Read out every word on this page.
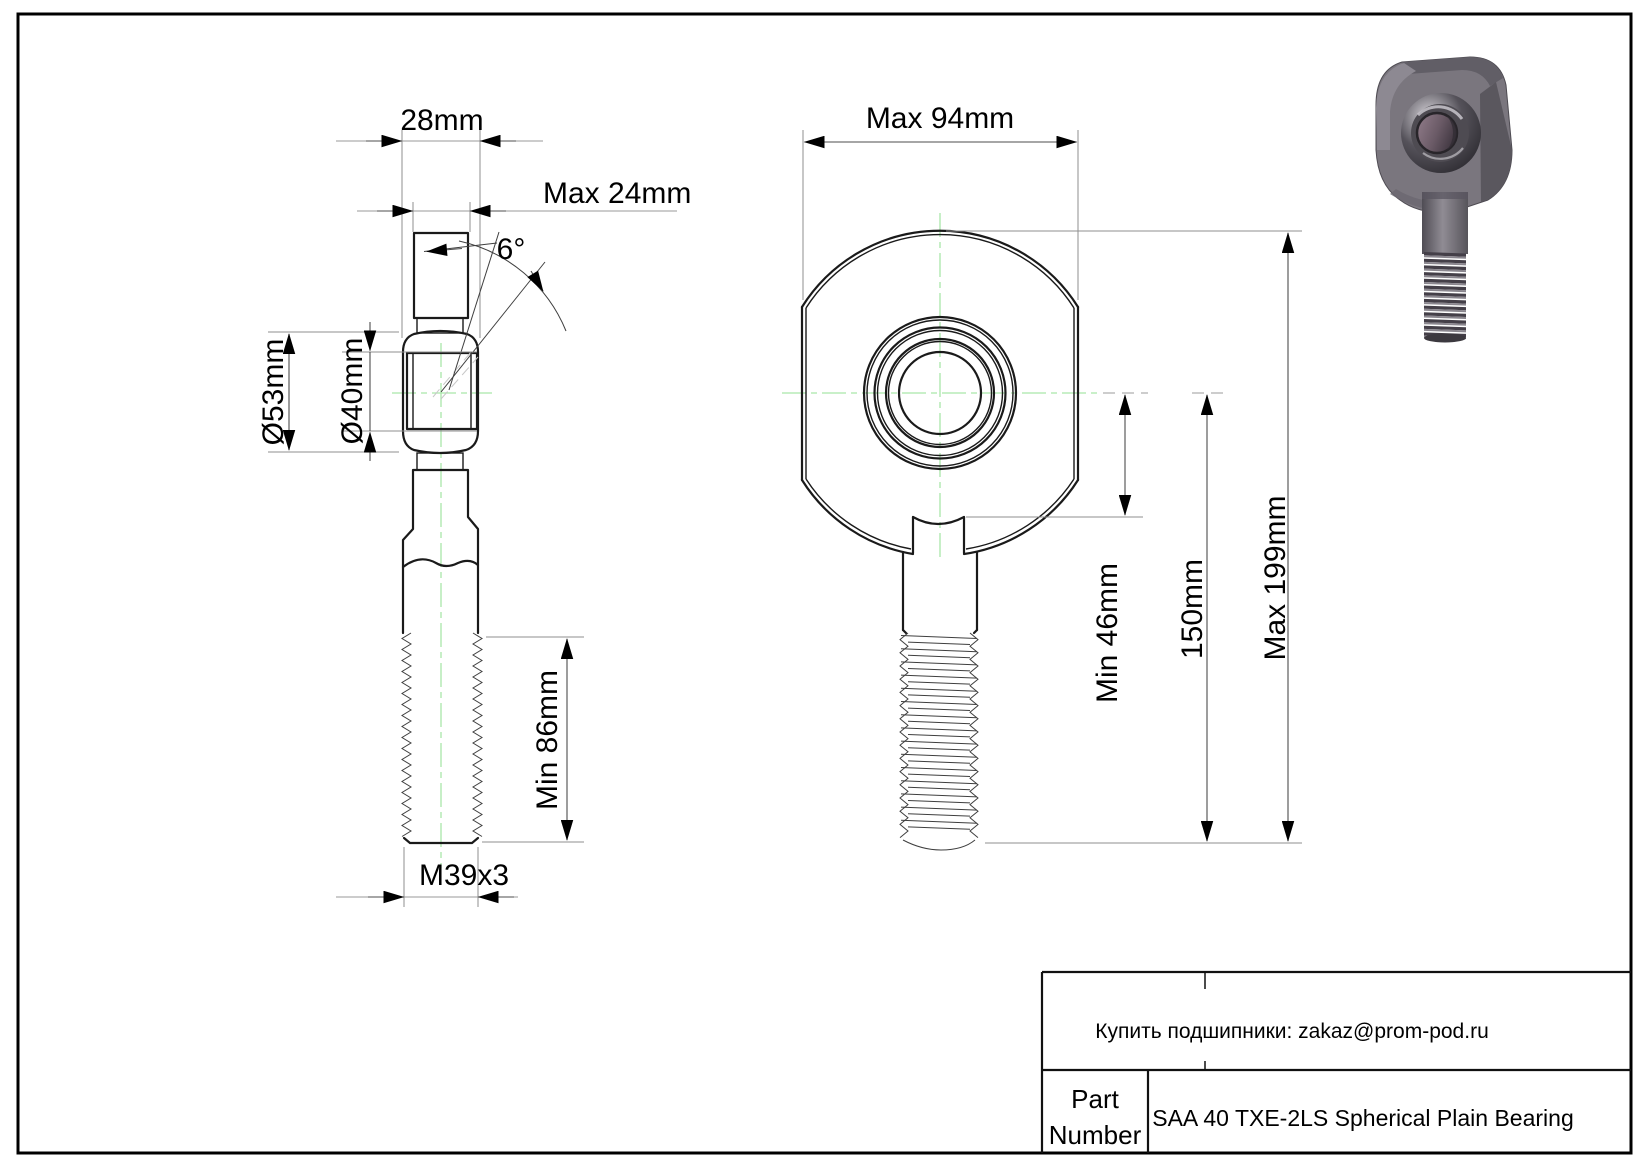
28mm
Max 24mm
6°
Ø53mm Ø40mm
Min 86mm
M39x3
Max 94mm
Max 199mm
150mm
Min 46mm
Купить подшипники: zakaz@prom-pod.ru
Part
Number
SAA 40 TXE-2LS Spherical Plain Bearing
